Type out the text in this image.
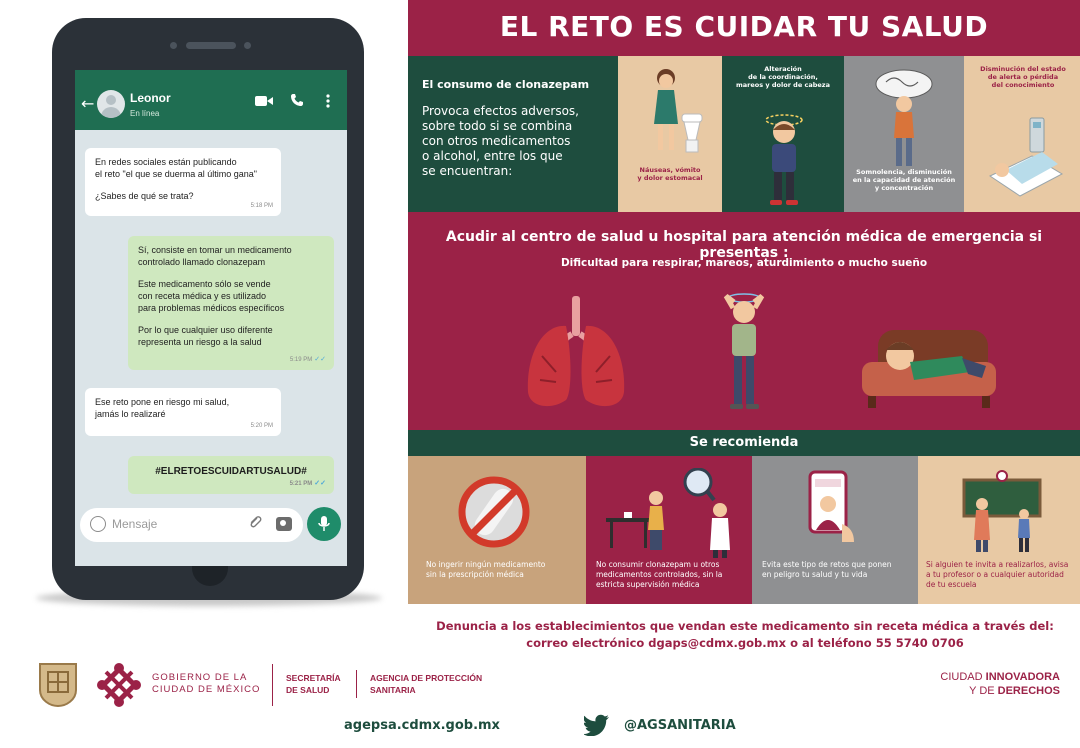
←	Leonor
En línea

En redes sociales están publicando
el reto "el que se duerma al último gana"

¿Sabes de qué se trata?

5:18 PM

Sí, consiste en tomar un medicamento
controlado llamado clonazepam

Este medicamento sólo se vende
con receta médica y es utilizado
para problemas médicos específicos

Por lo que cualquier uso diferente
representa un riesgo a la salud

5:19 PM ✓✓

Ese reto pone en riesgo mi salud,
jamás lo realizaré

5:20 PM
#ELRETOESCUIDARTUSALUD#
5:21 PM ✓✓
Mensaje
EL RETO ES CUIDAR TU SALUD
El consumo de clonazepam
Provoca efectos adversos,
sobre todo si se combina
con otros medicamentos
o alcohol, entre los que
se encuentran:	Náuseas, vómito
y dolor estomacal
Alteración
de la coordinación,
mareos y dolor de cabeza
Somnolencia, disminución
en la capacidad de atención
y concentración
Disminución del estado
de alerta o pérdida
del conocimiento
Acudir al centro de salud u hospital para atención médica de emergencia si presentas :
Dificultad para respirar, mareos, aturdimiento o mucho sueño
Se recomienda
No ingerir ningún medicamento
sin la prescripción médica
No consumir clonazepam u otros
medicamentos controlados, sin la
estricta supervisión médica
Evita este tipo de retos que ponen
en peligro tu salud y tu vida
Si alguien te invita a realizarlos, avisa
a tu profesor o a cualquier autoridad
de tu escuela
Denuncia a los establecimientos que vendan este medicamento sin receta médica a través del:
correo electrónico dgaps@cdmx.gob.mx o al teléfono 55 5740 0706
GOBIERNO DE LA
CIUDAD DE MÉXICO
SECRETARÍA
DE SALUD
AGENCIA DE PROTECCIÓN
SANITARIA
CIUDAD INNOVADORA
Y DE DERECHOS
agepsa.cdmx.gob.mx	@AGSANITARIA
